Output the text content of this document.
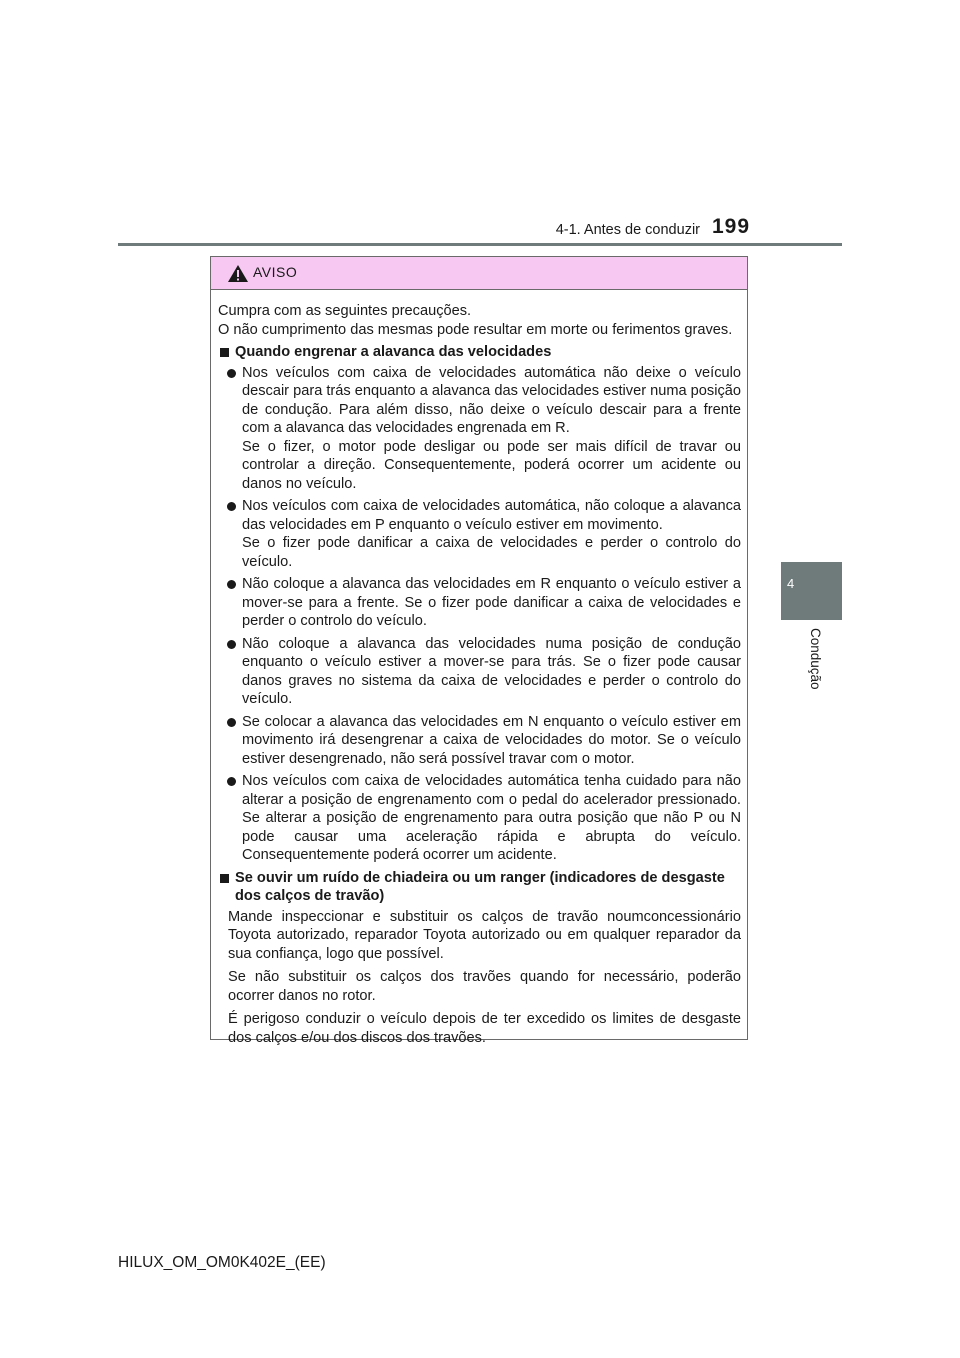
4-1. Antes de conduzir 199
4
Condução
AVISO

Cumpra com as seguintes precauções.

O não cumprimento das mesmas pode resultar em morte ou ferimentos graves.

Quando engrenar a alavanca das velocidades

Nos veículos com caixa de velocidades automática não deixe o veículo descair para trás enquanto a alavanca das velocidades estiver numa posição de condução. Para além disso, não deixe o veículo descair para a frente com a alavanca das velocidades engrenada em R.
Se o fizer, o motor pode desligar ou pode ser mais difícil de travar ou controlar a direção. Consequentemente, poderá ocorrer um acidente ou danos no veículo.
Nos veículos com caixa de velocidades automática, não coloque a alavanca das velocidades em P enquanto o veículo estiver em movimento.
Se o fizer pode danificar a caixa de velocidades e perder o controlo do veículo.
Não coloque a alavanca das velocidades em R enquanto o veículo estiver a mover-se para a frente. Se o fizer pode danificar a caixa de velocidades e perder o controlo do veículo.
Não coloque a alavanca das velocidades numa posição de condução enquanto o veículo estiver a mover-se para trás. Se o fizer pode causar danos graves no sistema da caixa de velocidades e perder o controlo do veículo.
Se colocar a alavanca das velocidades em N enquanto o veículo estiver em movimento irá desengrenar a caixa de velocidades do motor. Se o veículo estiver desengrenado, não será possível travar com o motor.
Nos veículos com caixa de velocidades automática tenha cuidado para não alterar a posição de engrenamento com o pedal do acelerador pressionado. Se alterar a posição de engrenamento para outra posição que não P ou N pode causar uma aceleração rápida e abrupta do veículo. Consequentemente poderá ocorrer um acidente.

Se ouvir um ruído de chiadeira ou um ranger (indicadores de desgaste dos calços de travão)

Mande inspeccionar e substituir os calços de travão noumconcessionário Toyota autorizado, reparador Toyota autorizado ou em qualquer reparador da sua confiança, logo que possível.

Se não substituir os calços dos travões quando for necessário, poderão ocorrer danos no rotor.

É perigoso conduzir o veículo depois de ter excedido os limites de desgaste dos calços e/ou dos discos dos travões.

HILUX_OM_OM0K402E_(EE)
